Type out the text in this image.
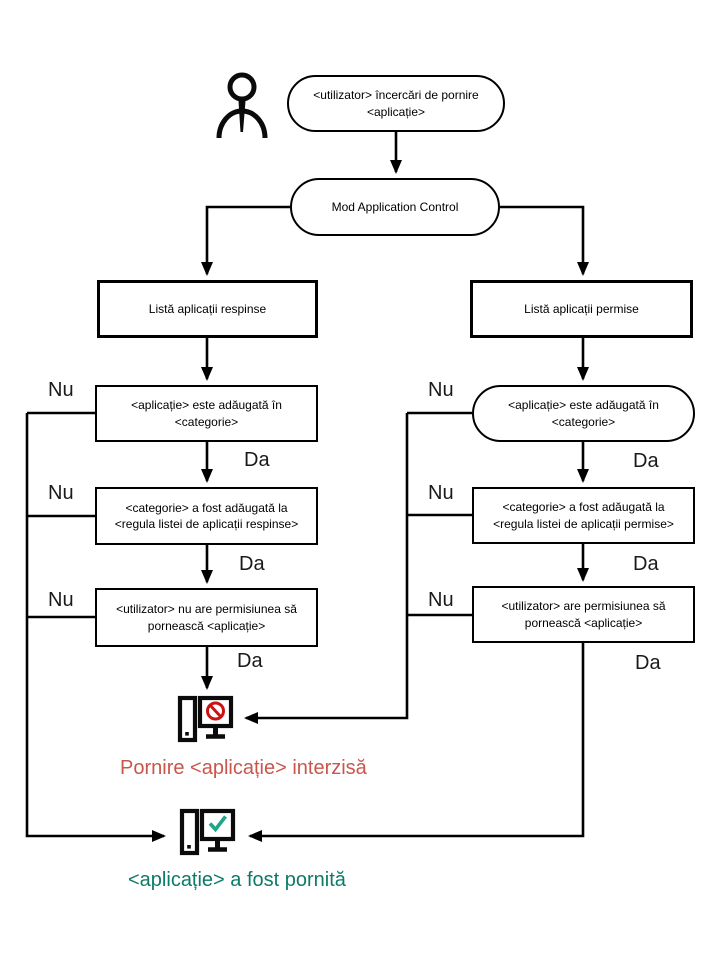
<utilizator> încercări de pornire <aplicație>
Mod Application Control
Listă aplicații respinse	Listă aplicații permise
<aplicație> este adăugată în <categorie>
<categorie> a fost adăugată la <regula listei de aplicații respinse>
<utilizator> nu are permisiunea să pornească <aplicație>
<aplicație> este adăugată în <categorie>
<categorie> a fost adăugată la <regula listei de aplicații permise>
<utilizator> are permisiunea să pornească <aplicație>
Nu
Nu
Nu
Nu
Nu
Nu
Da
Da
Da
Da
Da
Da
Pornire <aplicație> interzisă
<aplicație> a fost pornită
